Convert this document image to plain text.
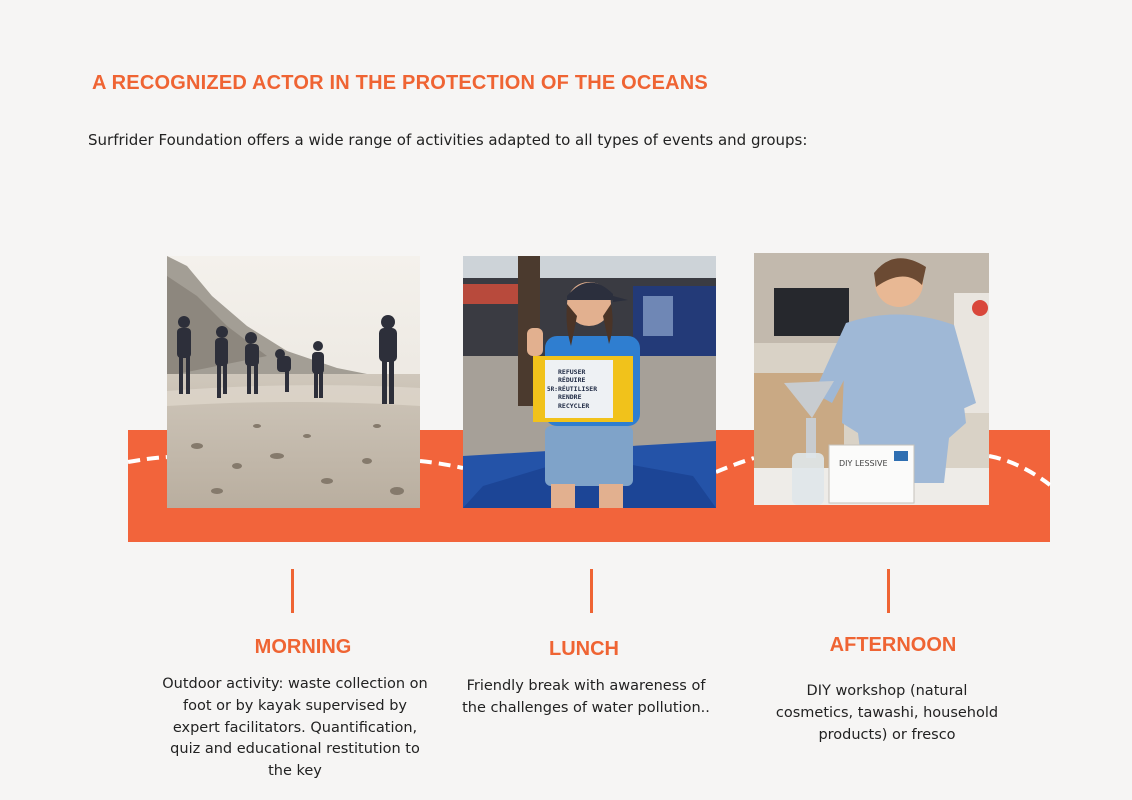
A RECOGNIZED ACTOR IN THE PROTECTION OF THE OCEANS

Surfrider Foundation offers a wide range of activities adapted to all types of events and groups:

5R:
REFUSER
RÉDUIRE
RÉUTILISER
RENDRE
RECYCLER
DIY LESSIVE
MORNING	LUNCH	AFTERNOON

Outdoor activity: waste collection on foot or by kayak supervised by expert facilitators. Quantification, quiz and educational restitution to the key

Friendly break with awareness of the challenges of water pollution..

DIY workshop (natural cosmetics, tawashi, household products) or fresco
